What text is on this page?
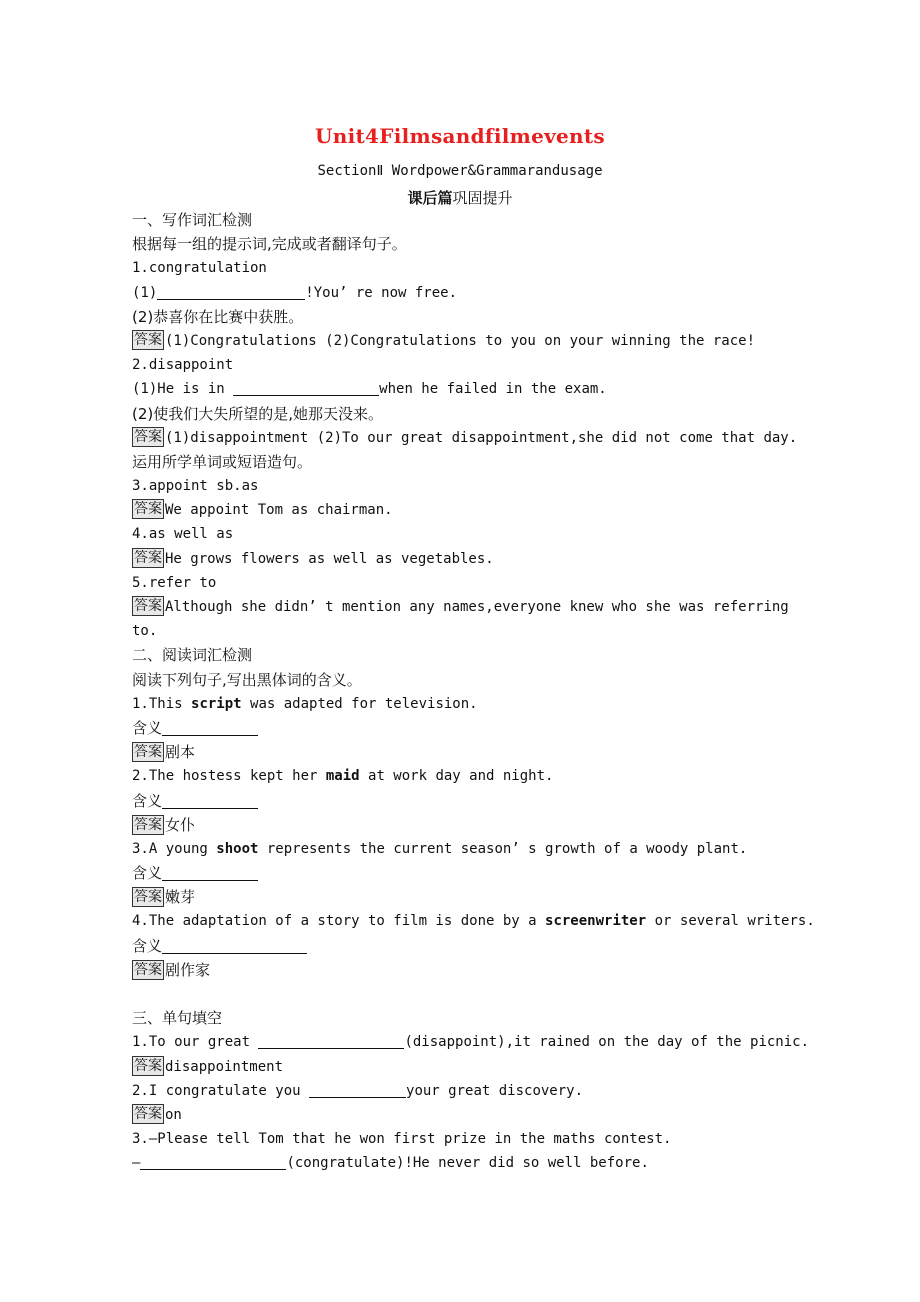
Unit4Filmsandfilmevents
SectionⅡ Wordpower&Grammarandusage
课后篇巩固提升
一、写作词汇检测
根据每一组的提示词,完成或者翻译句子。
1.congratulation
(1)	!You’ re now free.
(2)恭喜你在比赛中获胜。
答案 (1)Congratulations (2)Congratulations to you on your winning the race!
2.disappoint
(1)He is in	when he failed in the exam.
(2)使我们大失所望的是,她那天没来。
答案 (1)disappointment (2)To our great disappointment,she did not come that day.
运用所学单词或短语造句。
3.appoint sb.as
答案 We appoint Tom as chairman.
4.as well as
答案 He grows flowers as well as vegetables.
5.refer to
答案 Although she didn’ t mention any names,everyone knew who she was referring
to.
二、阅读词汇检测
阅读下列句子,写出黑体词的含义。
1.This script was adapted for television.
含义
答案 剧本
2.The hostess kept her maid at work day and night.
含义
答案 女仆
3.A young shoot represents the current season’ s growth of a woody plant.
含义
答案 嫩芽
4.The adaptation of a story to film is done by a screenwriter or several writers.
含义
答案 剧作家
三、单句填空
1.To our great	(disappoint),it rained on the day of the picnic.
答案 disappointment
2.I congratulate you	your great discovery.
答案 on
3.—Please tell Tom that he won first prize in the maths contest.
—	(congratulate)!He never did so well before.
